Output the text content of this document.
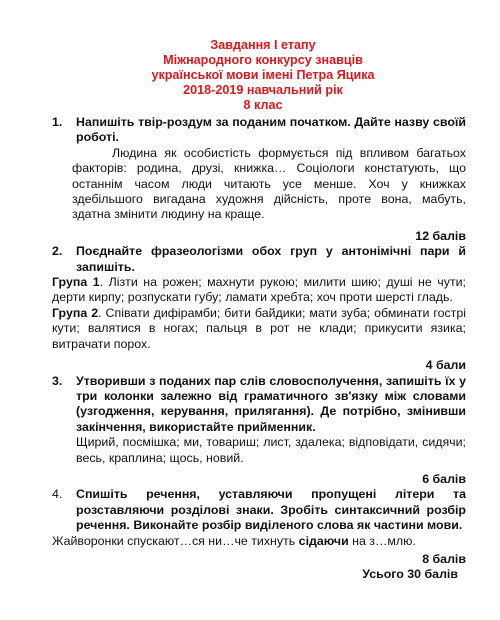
Завдання I етапу
Міжнародного конкурсу знавців
української мови імені Петра Яцика
2018-2019 навчальний рік
8 клас
1.	Напишіть твір-роздум за поданим початком. Дайте назву своїй роботі.
Людина як особистість формується під впливом багатьох факторів: родина, друзі, книжка… Соціологи констатують, що останнім часом люди читають усе менше. Хоч у книжках здебільшого вигадана художня дійсність, проте вона, мабуть, здатна змінити людину на краще.
12 балів
2.	Поєднайте фразеологізми обох груп у антонімічні пари й запишіть.
Група 1. Лізти на рожен; махнути рукою; милити шию; душі не чути; дерти кирпу; розпускати губу; ламати хребта; хоч проти шерсті гладь.
Група 2. Співати дифірамби; бити байдики; мати зуба; обминати гострі кути; валятися в ногах; пальця в рот не клади; прикусити язика; витрачати порох.
4 бали
3.	Утворивши з поданих пар слів словосполучення, запишіть їх у три колонки залежно від граматичного зв'язку між словами (узгодження, керування, прилягання). Де потрібно, змінивши закінчення, використайте прийменник.
Щирий, посмішка; ми, товариш; лист, здалека; відповідати, сидячи; весь, краплина; щось, новий.
6 балів
4.	Спишіть речення, уставляючи пропущені літери та розставляючи розділові знаки. Зробіть синтаксичний розбір речення. Виконайте розбір виділеного слова як частини мови.
Жайворонки спускают…ся ни…че тихнуть сідаючи на з…млю.
8 балів
Усього 30 балів
